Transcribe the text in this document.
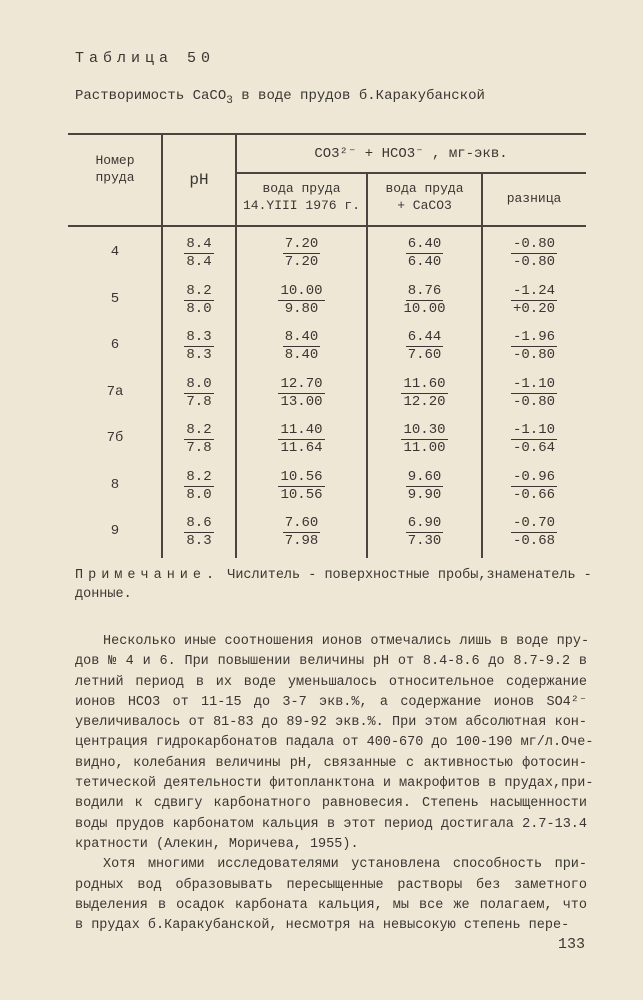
Таблица 50
Растворимость CaCO$_3$ в воде прудов б.Каракубанской
Номер
пруда	pH
CO3²⁻ + HCO3⁻ , мг-экв.
вода пруда
14.YIII 1976 г.
вода пруда
+ CaCO3	разница
4	$\frac{8.4}{8.4} \frac{7.20}{7.20} \frac{6.40}{6.40} \frac{-0.80}{-0.80}$
5	$\frac{8.2}{8.0} \frac{10.00}{9.80} \frac{8.76}{10.00} \frac{-1.24}{+0.20}$
6	$\frac{8.3}{8.3} \frac{8.40}{8.40} \frac{6.44}{7.60} \frac{-1.96}{-0.80}$
7а	$\frac{8.0}{7.8} \frac{12.70}{13.00} \frac{11.60}{12.20} \frac{-1.10}{-0.80}$
7б	$\frac{8.2}{7.8} \frac{11.40}{11.64} \frac{10.30}{11.00} \frac{-1.10}{-0.64}$
8	$\frac{8.2}{8.0} \frac{10.56}{10.56} \frac{9.60}{9.90} \frac{-0.96}{-0.66}$
9	$\frac{8.6}{8.3} \frac{7.60}{7.98} \frac{6.90}{7.30} \frac{-0.70}{-0.68}$
Примечание. Числитель - поверхностные пробы,знаменатель - донные.
Несколько иные соотношения ионов отмечались лишь в воде пру-
дов № 4 и 6. При повышении величины pH от 8.4-8.6 до 8.7-9.2 в
летний период в их воде уменьшалось относительное содержание
ионов HCO3 от 11-15 до 3-7 экв.%, а содержание ионов SO4²⁻
увеличивалось от 81-83 до 89-92 экв.%. При этом абсолютная кон-
центрация гидрокарбонатов падала от 400-670 до 100-190 мг/л.Оче-
видно, колебания величины pH, связанные с активностью фотосин-
тетической деятельности фитопланктона и макрофитов в прудах,при-
водили к сдвигу карбонатного равновесия. Степень насыщенности
воды прудов карбонатом кальция в этот период достигала 2.7-13.4
кратности (Алекин, Моричева, 1955).
Хотя многими исследователями установлена способность при-
родных вод образовывать пересыщенные растворы без заметного
выделения в осадок карбоната кальция, мы все же полагаем, что
в прудах б.Каракубанской, несмотря на невысокую степень пере-
133
